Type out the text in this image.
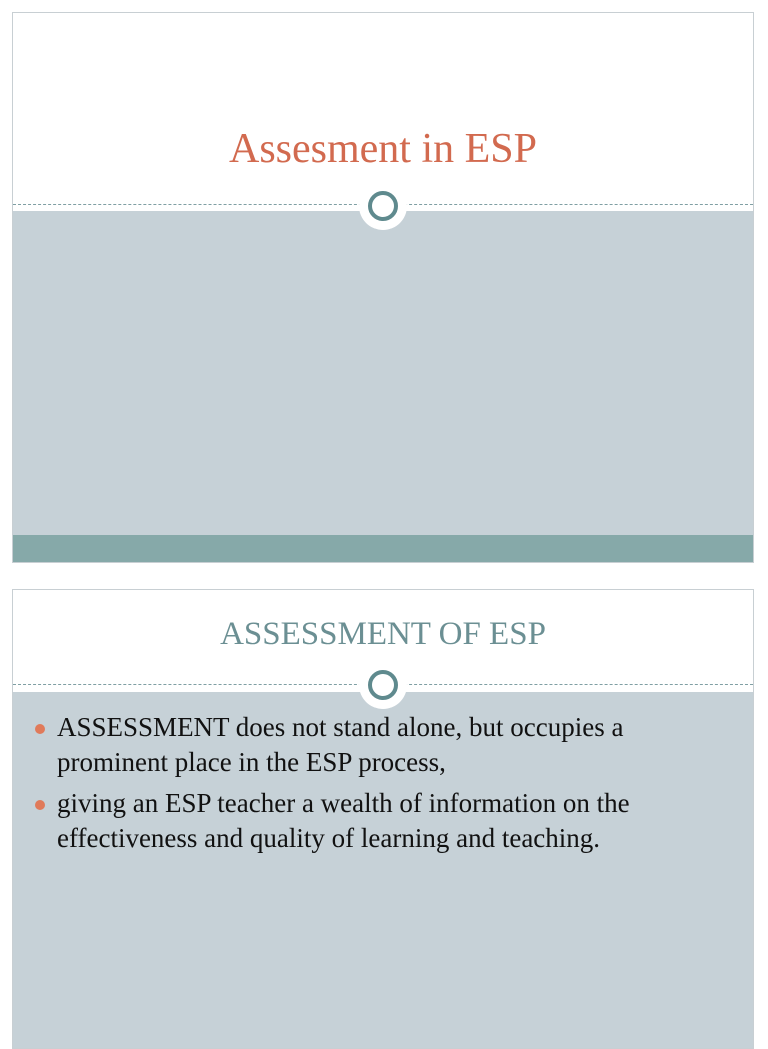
Assesment in ESP
ASSESSMENT OF ESP
ASSESSMENT does not stand alone, but occupies a prominent place in the ESP process,
giving an ESP teacher a wealth of information on the effectiveness and quality of learning and teaching.
